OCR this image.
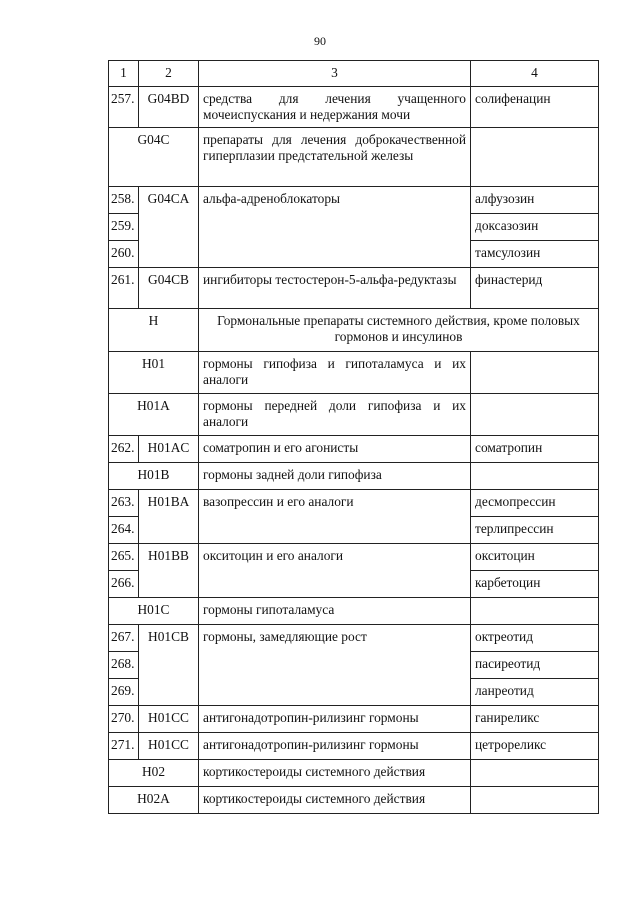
90
1	2	3	4
257.	G04BD	средства для лечения учащенного мочеиспускания и недержания мочи	солифенацин
G04C		препараты для лечения доброкачественной гиперплазии предстательной железы	
258.	G04CA	альфа-адреноблокаторы	алфузозин
259.			доксазозин
260.			тамсулозин
261.	G04CB	ингибиторы тестостерон-5-альфа-редуктазы	финастерид
H		Гормональные препараты системного действия, кроме половых гормонов и инсулинов	
H01		гормоны гипофиза и гипоталамуса и их аналоги	
H01A		гормоны передней доли гипофиза и их аналоги	
262.	H01AC	соматропин и его агонисты	соматропин
H01B		гормоны задней доли гипофиза	
263.	H01BA	вазопрессин и его аналоги	десмопрессин
264.			терлипрессин
265.	H01BB	окситоцин и его аналоги	окситоцин
266.			карбетоцин
H01C		гормоны гипоталамуса	
267.	H01CB	гормоны, замедляющие рост	октреотид
268.			пасиреотид
269.			ланреотид
270.	H01CC	антигонадотропин-рилизинг гормоны	ганиреликс
271.	H01CC	антигонадотропин-рилизинг гормоны	цетрореликс
H02		кортикостероиды системного действия	
H02A		кортикостероиды системного действия	
